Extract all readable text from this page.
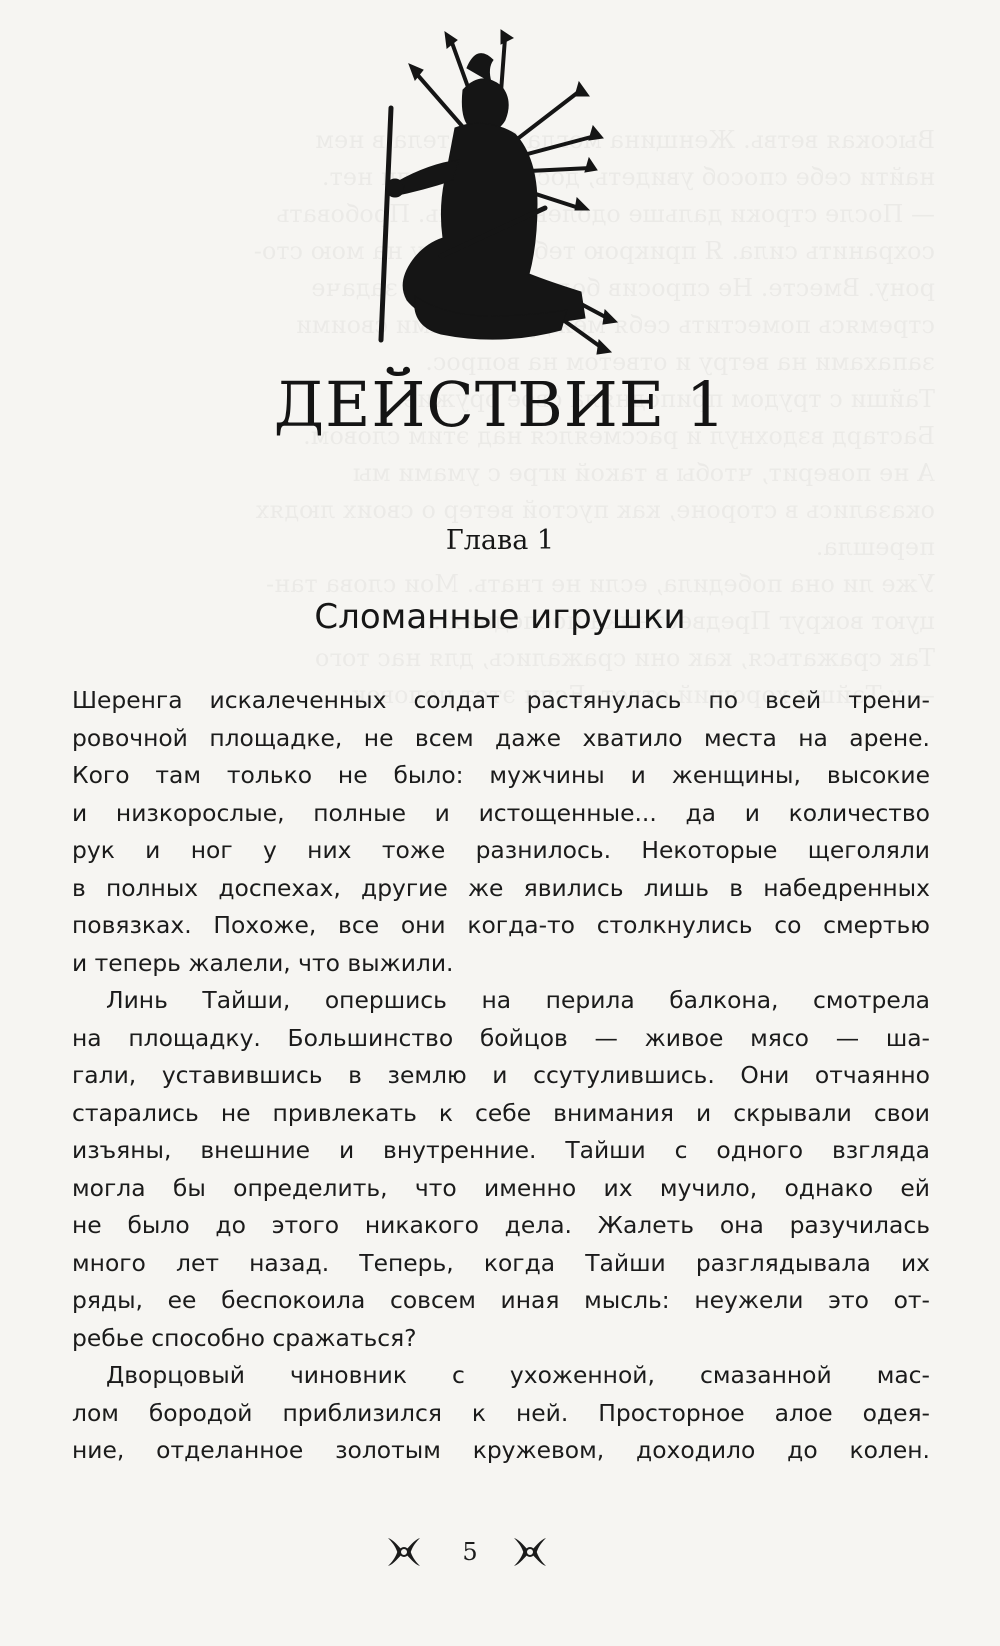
ДЕЙСТВИЕ 1
Глава 1
Сломанные игрушки
Шеренга искалеченных солдат растянулась по всей трени-
ровочной площадке, не всем даже хватило места на арене.
Кого там только не было: мужчины и женщины, высокие
и низкорослые, полные и истощенные... да и количество
рук и ног у них тоже разнилось. Некоторые щеголяли
в полных доспехах, другие же явились лишь в набедренных
повязках. Похоже, все они когда-то столкнулись со смертью
и теперь жалели, что выжили.
Линь Тайши, опершись на перила балкона, смотрела
на площадку. Большинство бойцов — живое мясо — ша-
гали, уставившись в землю и ссутулившись. Они отчаянно
старались не привлекать к себе внимания и скрывали свои
изъяны, внешние и внутренние. Тайши с одного взгляда
могла бы определить, что именно их мучило, однако ей
не было до этого никакого дела. Жалеть она разучилась
много лет назад. Теперь, когда Тайши разглядывала их
ряды, ее беспокоила совсем иная мысль: неужели это от-
ребье способно сражаться?
Дворцовый чиновник с ухоженной, смазанной мас-
лом бородой приблизился к ней. Просторное алое одея-
ние, отделанное золотым кружевом, доходило до колен.
5
